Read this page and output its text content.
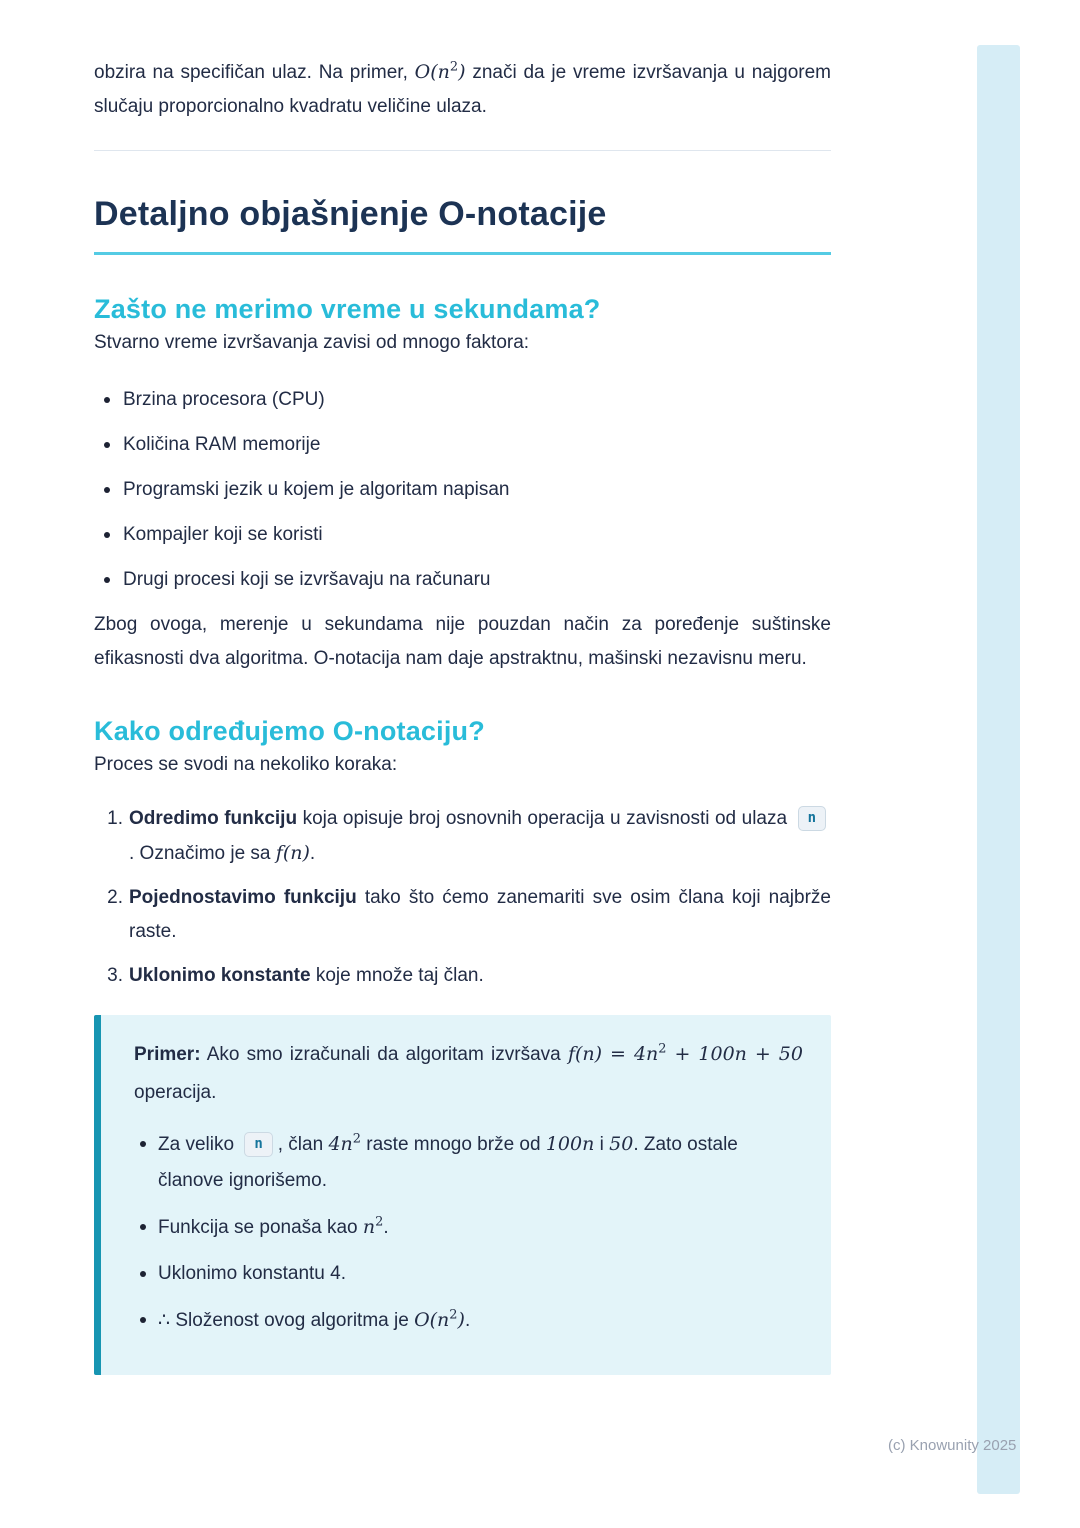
obzira na specifičan ulaz. Na primer, $O(n^2)$ znači da je vreme izvršavanja u najgorem slučaju proporcionalno kvadratu veličine ulaza.

Detaljno objašnjenje O-notacije
Zašto ne merimo vreme u sekundama?

Stvarno vreme izvršavanja zavisi od mnogo faktora:

Brzina procesora (CPU)
Količina RAM memorije
Programski jezik u kojem je algoritam napisan
Kompajler koji se koristi
Drugi procesi koji se izvršavaju na računaru

Zbog ovoga, merenje u sekundama nije pouzdan način za poređenje suštinske efikasnosti dva algoritma. O-notacija nam daje apstraktnu, mašinski nezavisnu meru.

Kako određujemo O-notaciju?

Proces se svodi na nekoliko koraka:

1. Odredimo funkciju koja opisuje broj osnovnih operacija u zavisnosti od ulaza n. Označimo je sa f(n).
2. Pojednostavimo funkciju tako što ćemo zanemariti sve osim člana koji najbrže raste.
3. Uklonimo konstante koje množe taj član.

Primer: Ako smo izračunali da algoritam izvršava $f(n) = 4n^2 + 100n + 50$ operacija.

Za veliko n , član $4n^2$ raste mnogo brže od 100n i 50. Zato ostale članove ignorišemo.
Funkcija se ponaša kao $n^2$.
Uklonimo konstantu 4.
∴ Složenost ovog algoritma je $O(n^2)$.
(c) Knowunity 2025
